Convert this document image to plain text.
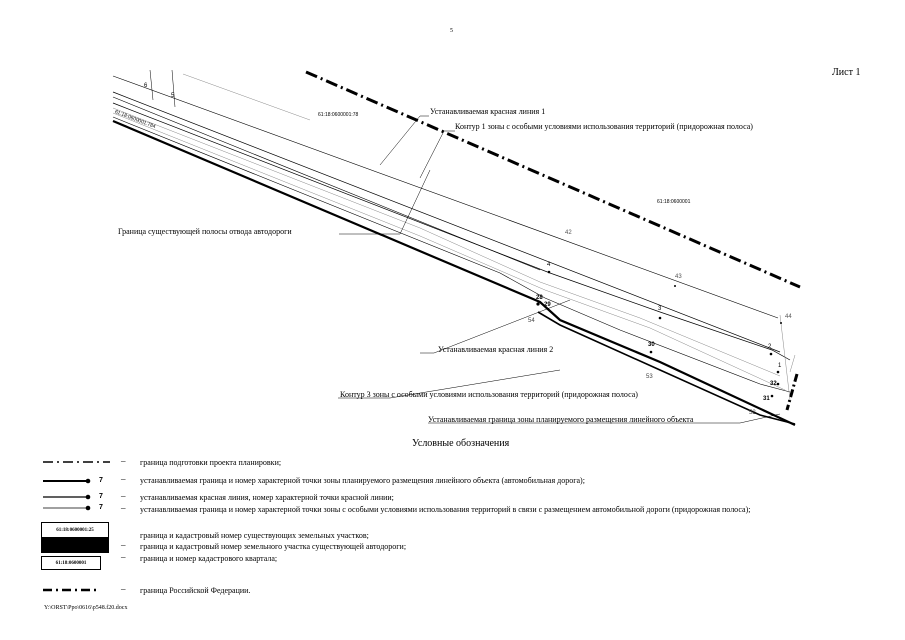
5
Лист 1
6
5
42
43
44
4
3
2
1
28
29
54
30
53
32
31
52
61:18:0600001:78
61:18:0600001:784
61:18:0600001
Устанавливаемая красная линия 1
Контур 1 зоны с особыми условиями использования территорий (придорожная полоса)
Граница существующей полосы отвода автодороги
Устанавливаемая красная линия 2
Контур 3 зоны с особыми условиями использования территорий (придорожная полоса)
Устанавливаемая граница зоны планируемого размещения линейного объекта
Условные обозначения
7
7
7
61:18:0600001:25
61:18:0600001
– граница подготовки проекта планировки;
– устанавливаемая граница и номер характерной точки зоны планируемого размещения линейного объекта (автомобильная дорога);
– устанавливаемая красная линия, номер характерной точки красной линии;
– устанавливаемая граница и номер характерной точки зоны с особыми условиями использования территорий в связи с размещением автомобильной дороги (придорожная полоса);
граница и кадастровый номер существующих земельных участков;
– граница и кадастровый номер земельного участка существующей автодороги;
– граница и номер кадастрового квартала;
– граница Российской Федерации.
Y:\ORST\Ppo\0616\p548.f20.docx
